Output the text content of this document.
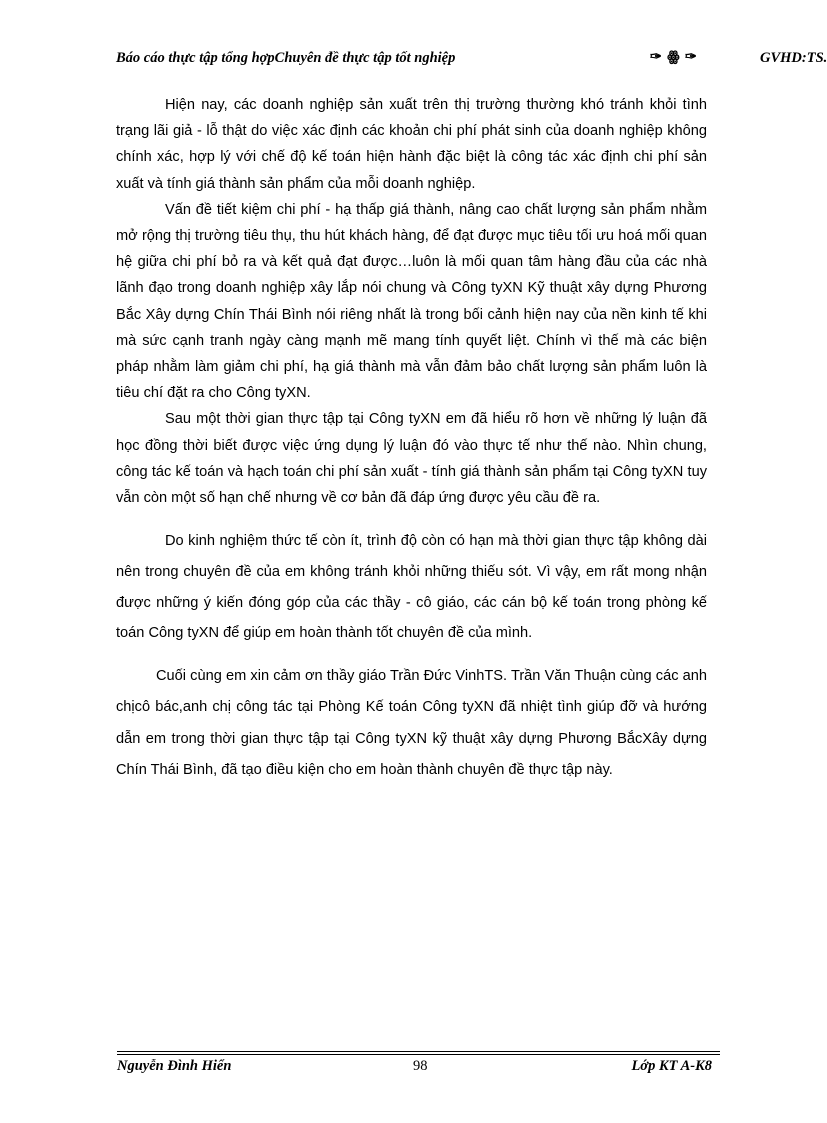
Báo cáo thực tập tổng hợpChuyên đề thực tập tốt nghiệp	✑ ꙮ ✑	GVHD:TS.

Hiện nay, các doanh nghiệp sản xuất trên thị trường thường khó tránh khỏi tình trạng lãi giả - lỗ thật do việc xác định các khoản chi phí phát sinh của doanh nghiệp không chính xác, hợp lý với chế độ kế toán hiện hành đặc biệt là công tác xác định chi phí sản xuất và tính giá thành sản phẩm của mỗi doanh nghiệp.

Vấn đề tiết kiệm chi phí - hạ thấp giá thành, nâng cao chất lượng sản phẩm nhằm mở rộng thị trường tiêu thụ, thu hút khách hàng, để đạt được mục tiêu tối ưu hoá mối quan hệ giữa chi phí bỏ ra và kết quả đạt được…luôn là mối quan tâm hàng đầu của các nhà lãnh đạo trong doanh nghiệp xây lắp nói chung và Công tyXN Kỹ thuật xây dựng Phương Bắc Xây dựng Chín Thái Bình nói riêng nhất là trong bối cảnh hiện nay của nền kinh tế khi mà sức cạnh tranh ngày càng mạnh mẽ mang tính quyết liệt. Chính vì thế mà các biện pháp nhằm làm giảm chi phí, hạ giá thành mà vẫn đảm bảo chất lượng sản phẩm luôn là tiêu chí đặt ra cho Công tyXN.

Sau một thời gian thực tập tại Công tyXN em đã hiểu rõ hơn về những lý luận đã học đồng thời biết được việc ứng dụng lý luận đó vào thực tế như thế nào. Nhìn chung, công tác kế toán và hạch toán chi phí sản xuất - tính giá thành sản phẩm tại Công tyXN tuy vẫn còn một số hạn chế nhưng về cơ bản đã đáp ứng được yêu cầu đề ra.

Do kinh nghiệm thức tế còn ít, trình độ còn có hạn mà thời gian thực tập không dài nên trong chuyên đề của em không tránh khỏi những thiếu sót. Vì vậy, em rất mong nhận được những ý kiến đóng góp của các thầy - cô giáo, các cán bộ kế toán trong phòng kế toán Công tyXN để giúp em hoàn thành tốt chuyên đề của mình.

Cuối cùng em xin cảm ơn thầy giáo Trần Đức VinhTS. Trần Văn Thuận cùng các anh chịcô bác,anh chị công tác tại Phòng Kế toán Công tyXN đã nhiệt tình giúp đỡ và hướng dẫn em trong thời gian thực tập tại Công tyXN kỹ thuật xây dựng Phương BắcXây dựng Chín Thái Bình, đã tạo điều kiện cho em hoàn thành chuyên đề thực tập này.

Nguyễn Đình Hiển	98	Lớp KT A-K8
